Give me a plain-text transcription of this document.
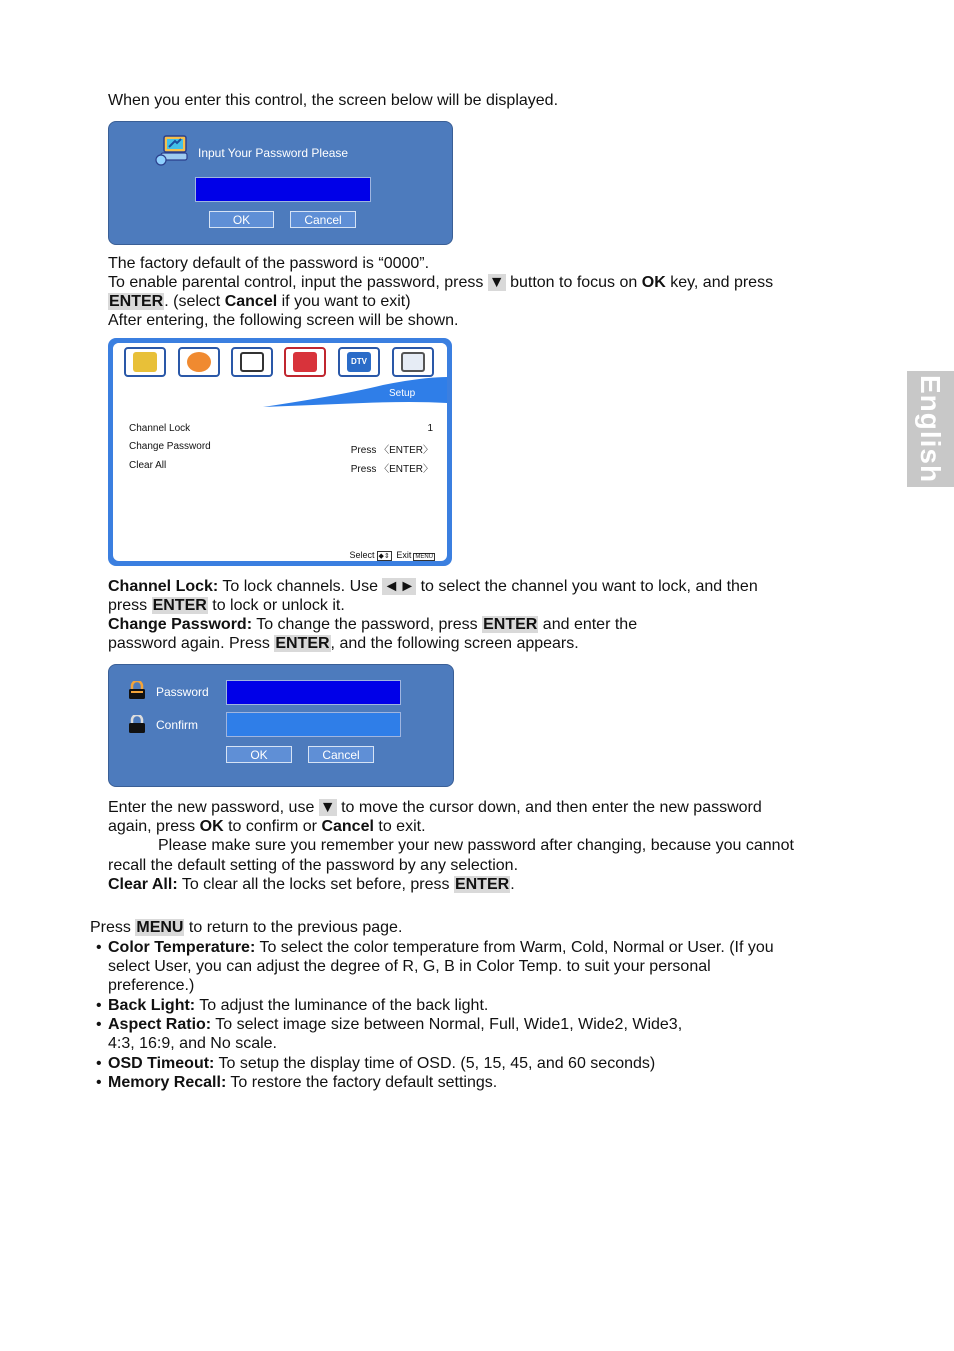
English
When you enter this control, the screen below will be displayed.
Input Your Password Please
OK	Cancel
The factory default of the password is “0000”.
To enable parental control, input the password, press ▼ button to focus on OK key, and press
ENTER. (select Cancel if you want to exit)
After entering, the following screen will be shown.
DTV
Setup
Channel Lock	1
Change Password	Press 〈ENTER〉
Clear All	Press 〈ENTER〉
Select ◆⇕ Exit MENU
Channel Lock: To lock channels. Use ◄► to select the channel you want to lock, and then
press ENTER to lock or unlock it.
Change Password: To change the password, press ENTER and enter the
password again. Press ENTER, and the following screen appears.
Password
Confirm
OK	Cancel
Enter the new password, use ▼ to move the cursor down, and then enter the new password
again, press OK to confirm or Cancel to exit.
Please make sure you remember your new password after changing, because you cannot
recall the default setting of the password by any selection.
Clear All: To clear all the locks set before, press ENTER.
Press MENU to return to the previous page.
• Color Temperature: To select the color temperature from Warm, Cold, Normal or User. (If you
select User, you can adjust the degree of R, G, B in Color Temp. to suit your personal
preference.)
• Back Light: To adjust the luminance of the back light.
• Aspect Ratio: To select image size between Normal, Full, Wide1, Wide2, Wide3,
4:3, 16:9, and No scale.
• OSD Timeout: To setup the display time of OSD. (5, 15, 45, and 60 seconds)
• Memory Recall: To restore the factory default settings.
